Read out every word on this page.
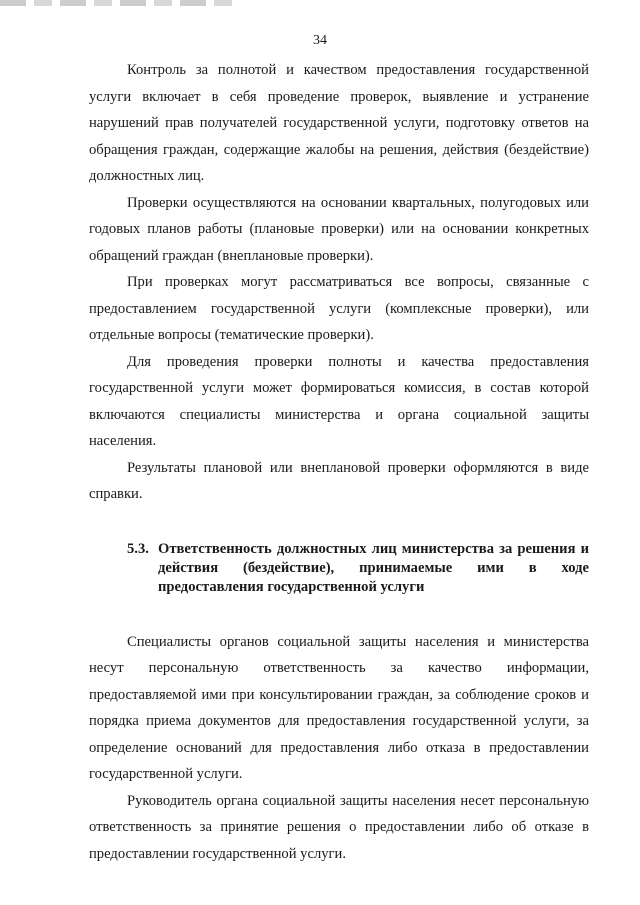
34

Контроль за полнотой и качеством предоставления государственной услуги включает в себя проведение проверок, выявление и устранение нарушений прав получателей государственной услуги, подготовку ответов на обращения граждан, содержащие жалобы на решения, действия (бездействие) должностных лиц.

Проверки осуществляются на основании квартальных, полугодовых или годовых планов работы (плановые проверки) или на основании конкретных обращений граждан (внеплановые проверки).

При проверках могут рассматриваться все вопросы, связанные с предоставлением государственной услуги (комплексные проверки), или отдельные вопросы (тематические проверки).

Для проведения проверки полноты и качества предоставления государственной услуги может формироваться комиссия, в состав которой включаются специалисты министерства и органа социальной защиты населения.

Результаты плановой или внеплановой проверки оформляются в виде справки.

5.3. Ответственность должностных лиц министерства за решения и действия (бездействие), принимаемые ими в ходе предоставления государственной услуги

Специалисты органов социальной защиты населения и министерства несут персональную ответственность за качество информации, предоставляемой ими при консультировании граждан, за соблюдение сроков и порядка приема документов для предоставления государственной услуги, за определение оснований для предоставления либо отказа в предоставлении государственной услуги.

Руководитель органа социальной защиты населения несет персональную ответственность за принятие решения о предоставлении либо об отказе в предоставлении государственной услуги.
